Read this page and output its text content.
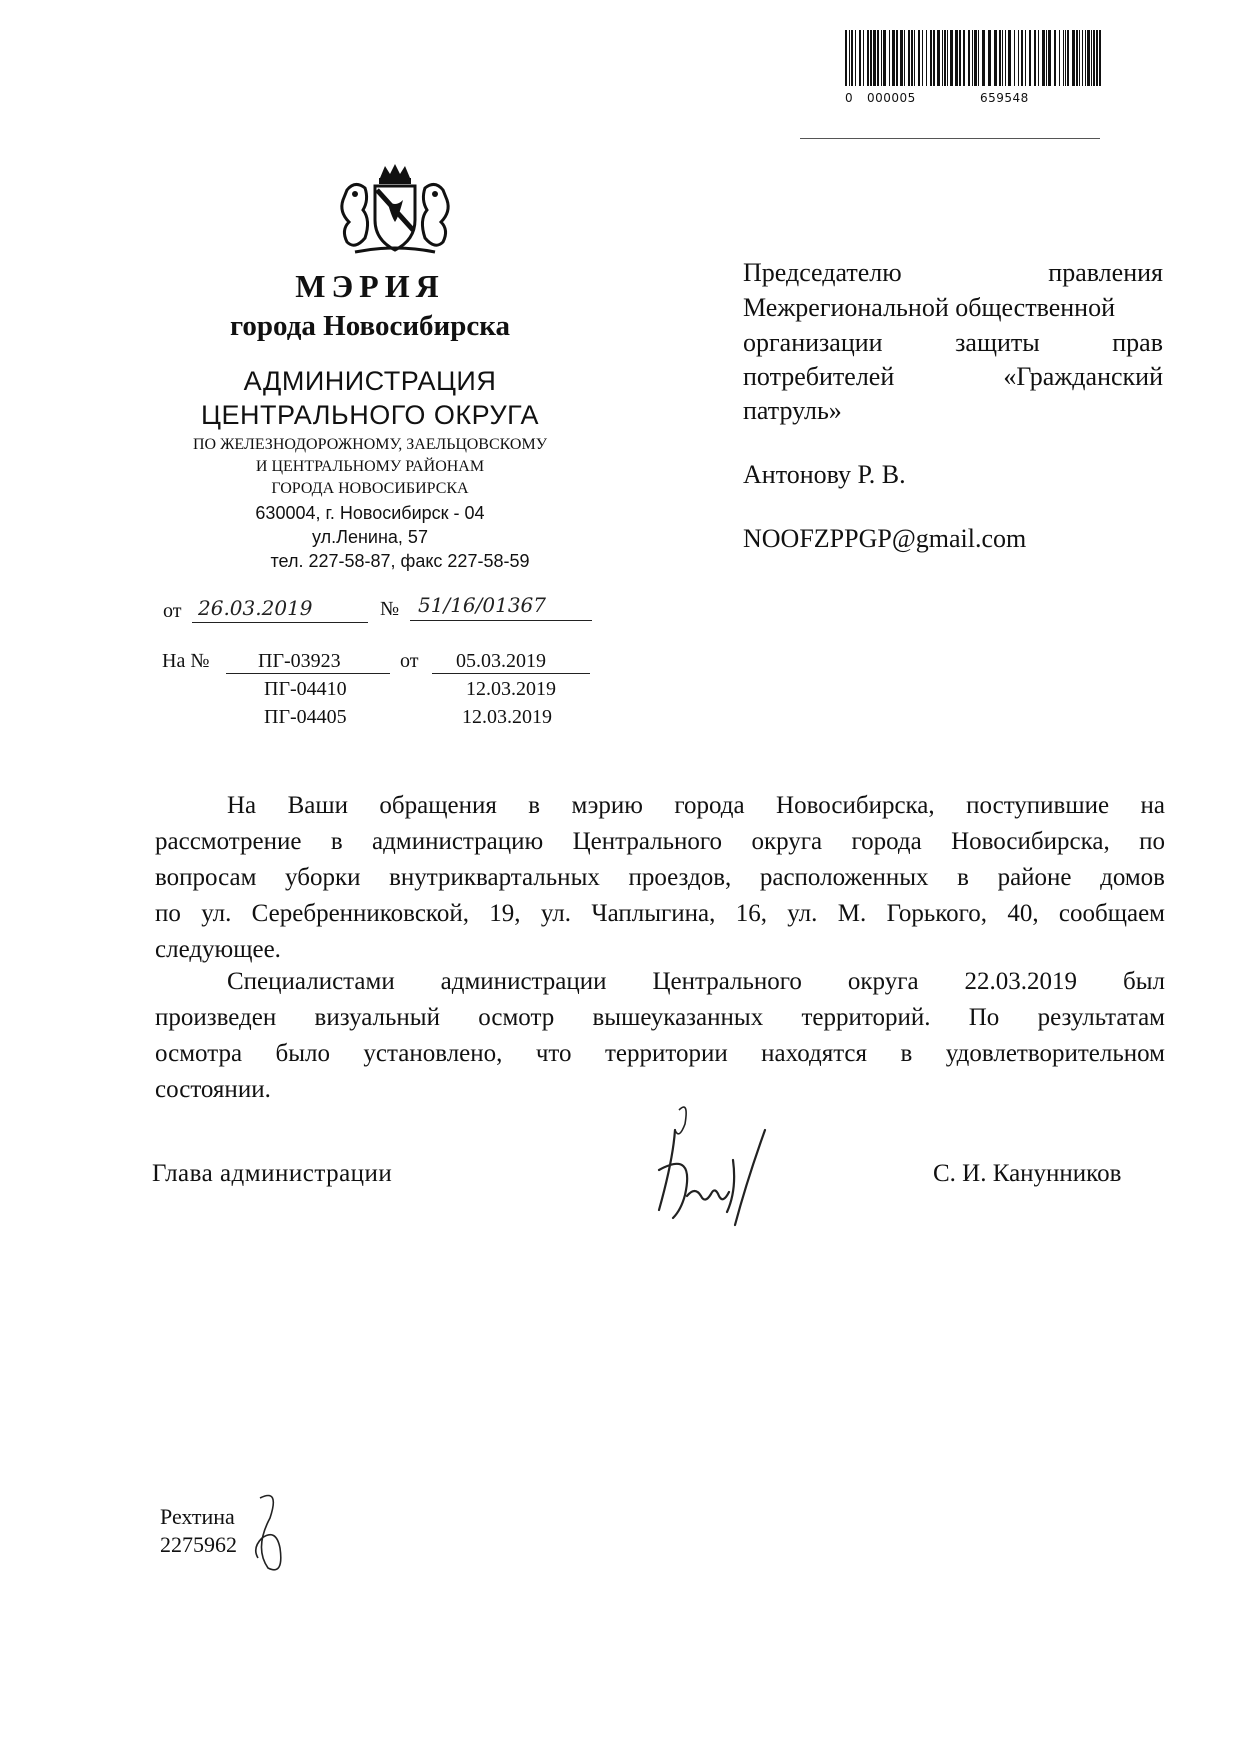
0 000005	659548
МЭРИЯ
города Новосибирска
АДМИНИСТРАЦИЯ
ЦЕНТРАЛЬНОГО ОКРУГА
ПО ЖЕЛЕЗНОДОРОЖНОМУ, ЗАЕЛЬЦОВСКОМУ
И ЦЕНТРАЛЬНОМУ РАЙОНАМ
ГОРОДА НОВОСИБИРСКА
630004, г. Новосибирск - 04
ул.Ленина, 57
тел. 227-58-87, факс 227-58-59
от 26.03.2019	№ 51/16/01367
На № ПГ-03923	от 05.03.2019
ПГ-04410	12.03.2019
ПГ-04405	12.03.2019
Председателю	правления
Межрегиональной общественной
организации	защиты	прав
потребителей	«Гражданский
патруль»
Антонову Р. В.
NOOFZPPGP@gmail.com
На Ваши обращения в мэрию города Новосибирска, поступившие на
рассмотрение в администрацию Центрального округа города Новосибирска, по
вопросам уборки внутриквартальных проездов, расположенных в районе домов
по ул. Серебренниковской, 19, ул. Чаплыгина, 16, ул. М. Горького, 40, сообщаем
следующее.
Специалистами администрации Центрального округа 22.03.2019 был
произведен визуальный осмотр вышеуказанных территорий. По результатам
осмотра было установлено, что территории находятся в удовлетворительном
состоянии.
Глава администрации	С. И. Канунников
Рехтина
2275962
